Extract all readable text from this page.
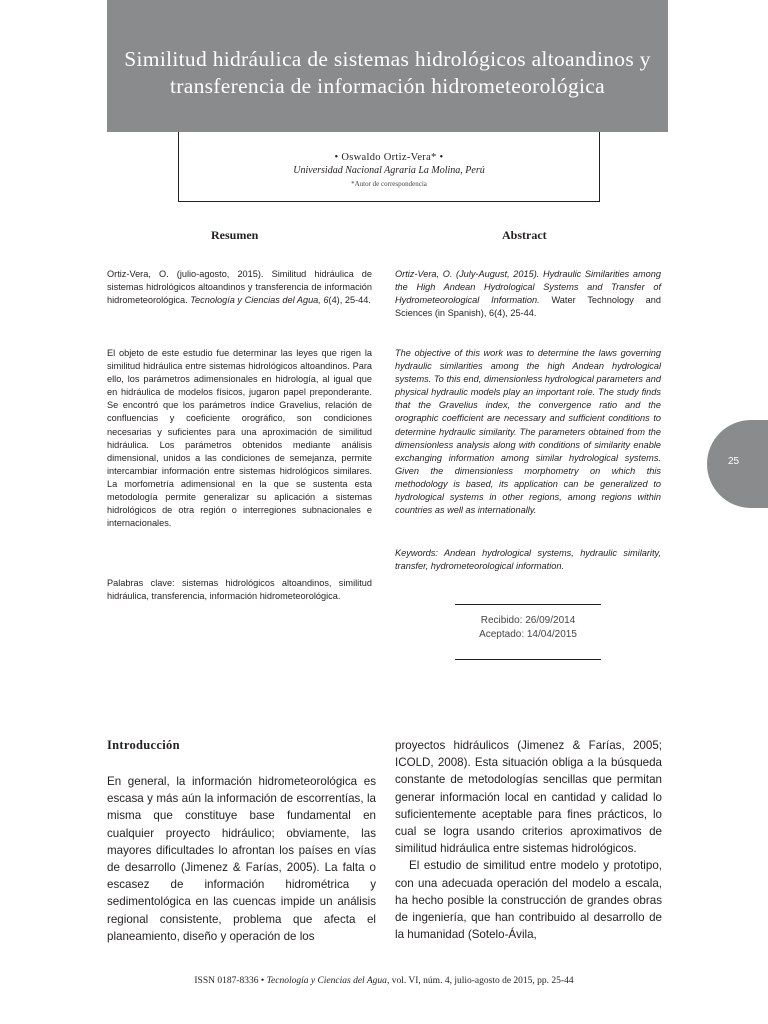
Similitud hidráulica de sistemas hidrológicos altoandinos y transferencia de información hidrometeorológica
• Oswaldo Ortiz-Vera* •
Universidad Nacional Agraria La Molina, Perú
*Autor de correspondencia
Resumen	Abstract

Ortiz-Vera, O. (julio-agosto, 2015). Similitud hidráulica de sistemas hidrológicos altoandinos y transferencia de información hidrometeorológica. Tecnología y Ciencias del Agua, 6(4), 25-44.

El objeto de este estudio fue determinar las leyes que rigen la similitud hidráulica entre sistemas hidrológicos altoandinos. Para ello, los parámetros adimensionales en hidrología, al igual que en hidráulica de modelos físicos, jugaron papel preponderante. Se encontró que los parámetros índice Gravelius, relación de confluencias y coeficiente orográfico, son condiciones necesarias y suficientes para una aproximación de similitud hidráulica. Los parámetros obtenidos mediante análisis dimensional, unidos a las condiciones de semejanza, permite intercambiar información entre sistemas hidrológicos similares. La morfometría adimensional en la que se sustenta esta metodología permite generalizar su aplicación a sistemas hidrológicos de otra región o interregiones subnacionales e internacionales.

Palabras clave: sistemas hidrológicos altoandinos, similitud hidráulica, transferencia, información hidrometeorológica.

Ortiz-Vera, O. (July-August, 2015). Hydraulic Similarities among the High Andean Hydrological Systems and Transfer of Hydrometeorological Information. Water Technology and Sciences (in Spanish), 6(4), 25-44.

The objective of this work was to determine the laws governing hydraulic similarities among the high Andean hydrological systems. To this end, dimensionless hydrological parameters and physical hydraulic models play an important role. The study finds that the Gravelius index, the convergence ratio and the orographic coefficient are necessary and sufficient conditions to determine hydraulic similarity. The parameters obtained from the dimensionless analysis along with conditions of similarity enable exchanging information among similar hydrological systems. Given the dimensionless morphometry on which this methodology is based, its application can be generalized to hydrological systems in other regions, among regions within countries as well as internationally.

Keywords: Andean hydrological systems, hydraulic similarity, transfer, hydrometeorological information.

Recibido: 26/09/2014
Aceptado: 14/04/2015
Introducción

En general, la información hidrometeorológica es escasa y más aún la información de escorrentías, la misma que constituye base fundamental en cualquier proyecto hidráulico; obviamente, las mayores dificultades lo afrontan los países en vías de desarrollo (Jimenez & Farías, 2005). La falta o escasez de información hidrométrica y sedimentológica en las cuencas impide un análisis regional consistente, problema que afecta el planeamiento, diseño y operación de los

proyectos hidráulicos (Jimenez & Farías, 2005; ICOLD, 2008). Esta situación obliga a la búsqueda constante de metodologías sencillas que permitan generar información local en cantidad y calidad lo suficientemente aceptable para fines prácticos, lo cual se logra usando criterios aproximativos de similitud hidráulica entre sistemas hidrológicos.

El estudio de similitud entre modelo y prototipo, con una adecuada operación del modelo a escala, ha hecho posible la construcción de grandes obras de ingeniería, que han contribuido al desarrollo de la humanidad (Sotelo-Ávila,

ISSN 0187-8336 • Tecnología y Ciencias del Agua, vol. VI, núm. 4, julio-agosto de 2015, pp. 25-44
25
